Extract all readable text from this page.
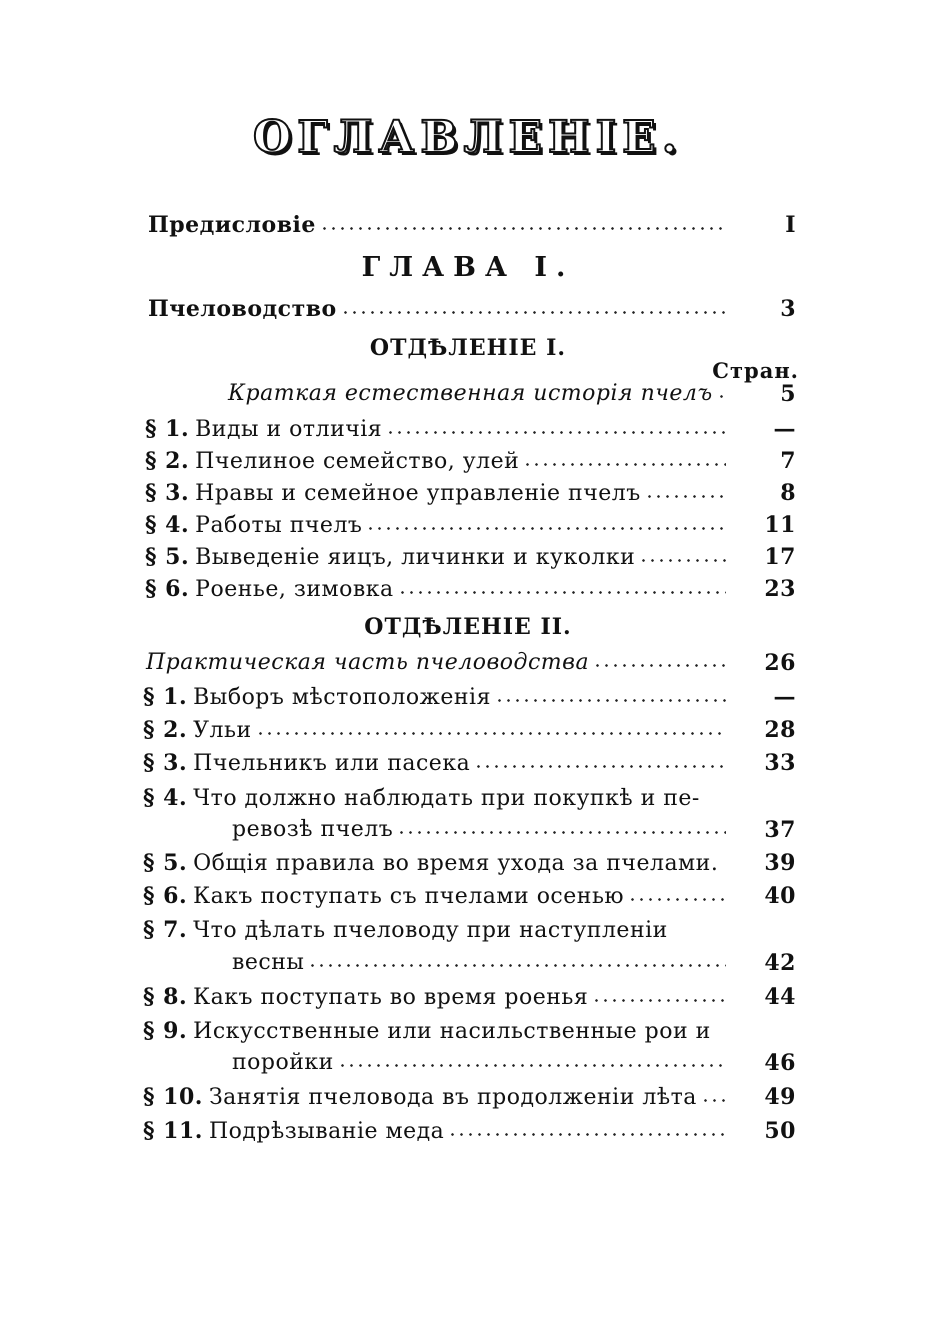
ОГЛАВЛЕНІЕ.
Предисловіе	I
ГЛАВА I.
Пчеловодство	3
ОТДѢЛЕНІЕ I.
Стран.
Краткая естественная исторія пчелъ	5
§ 1. Виды и отличія	—
§ 2. Пчелиное семейство, улей	7
§ 3. Нравы и семейное управленіе пчелъ	8
§ 4. Работы пчелъ	11
§ 5. Выведеніе яицъ, личинки и куколки	17
§ 6. Роенье, зимовка	23
ОТДѢЛЕНІЕ II.
Практическая часть пчеловодства	26
§ 1. Выборъ мѣстоположенія	—
§ 2. Ульи	28
§ 3. Пчельникъ или пасека	33
§ 4. Что должно наблюдать при покупкѣ и пе-
ревозѣ пчелъ	37
§ 5. Общія правила во время ухода за пчелами.	39
§ 6. Какъ поступать съ пчелами осенью	40
§ 7. Что дѣлать пчеловоду при наступленіи
весны	42
§ 8. Какъ поступать во время роенья	44
§ 9. Искусственные или насильственные рои и
поройки	46
§ 10. Занятія пчеловода въ продолженіи лѣта	49
§ 11. Подрѣзываніе меда	50
